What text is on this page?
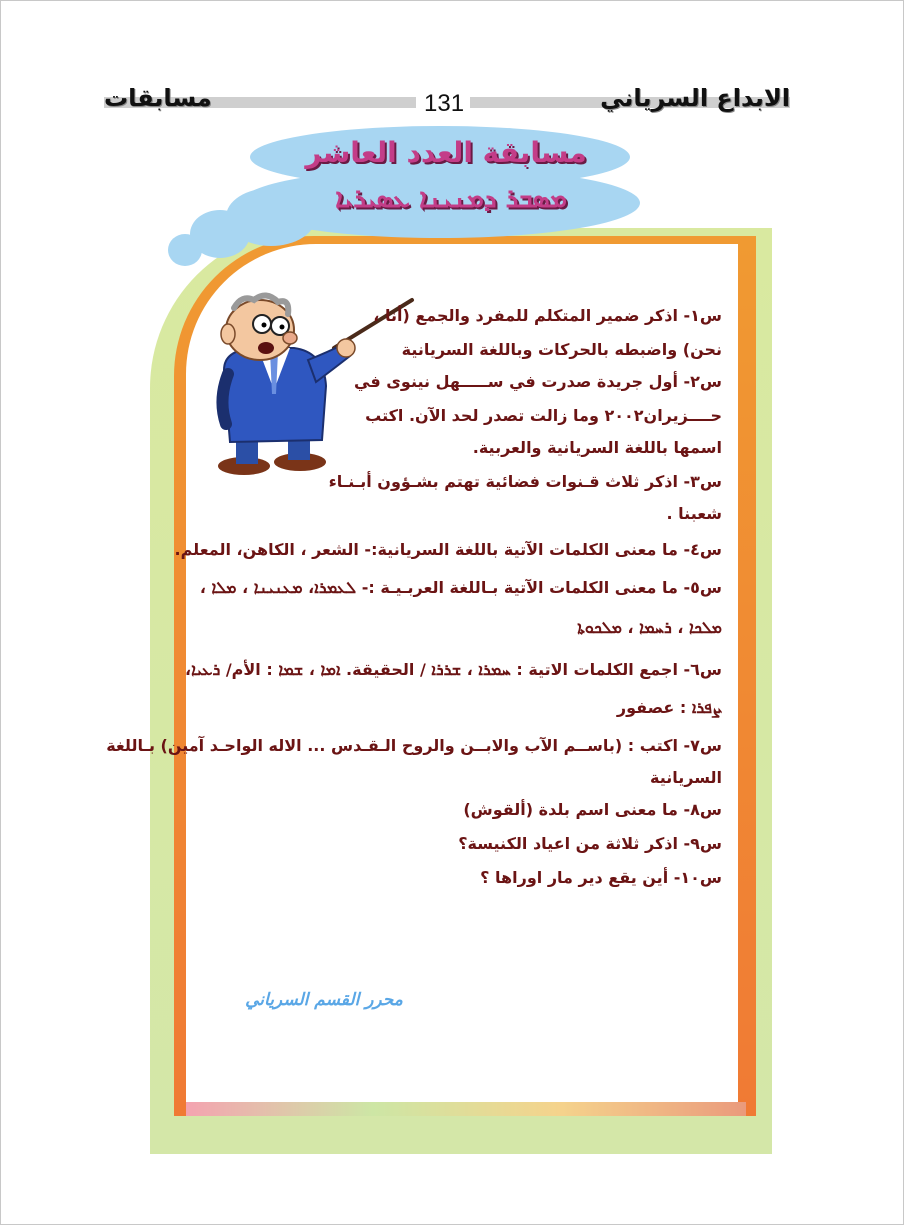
مسابقات	الابداع السرياني
131
مسابقة العدد العاشر
ܡܣܒܪ ܕܡܢܝܢܐ ܥܣܝܪܝܐ
س١- اذكر ضمير المتكلم للمفرد والجمع (أنا ،
نحن) واضبطه بالحركات وباللغة السريانية
س٢- أول جريدة صدرت في ســـــهل نينوى في
حــــزيران٢٠٠٢ وما زالت تصدر لحد الآن. اكتب
اسمها باللغة السريانية والعربية.
س٣- اذكر ثلاث قـنوات فضائية تهتم بشـؤون أبـنـاء
شعبنا .
س٤- ما معنى الكلمات الآتية باللغة السريانية:- الشعر ، الكاهن، المعلم.
س٥- ما معنى الكلمات الآتية بـاللغة العربـيـة :- ܠܥܡܪܐ، ܡܥܢܝܢܐ ، ܡܠܐ ،
ܡܠܟܐ ، ܪܚܡܐ ، ܡܠܟܘܬܐ
س٦- اجمع الكلمات الاتية : ܚܡܪܐ ، ܫܪܪܐ / الحقيقة. ܐܡܐ ، ܫܡܐ : الأم/ ܪܥܝܐ،
ܨܦܪܐ : عصفور
س٧- اكتب : (باســم الآب والابــن والروح الـقـدس ... الاله الواحـد آمين) بـاللغة
السريانية
س٨- ما معنى اسم بلدة (ألقوش)
س٩- اذكر ثلاثة من اعياد الكنيسة؟
س١٠- أين يقع دير مار اوراها ؟
محرر القسم السرياني
